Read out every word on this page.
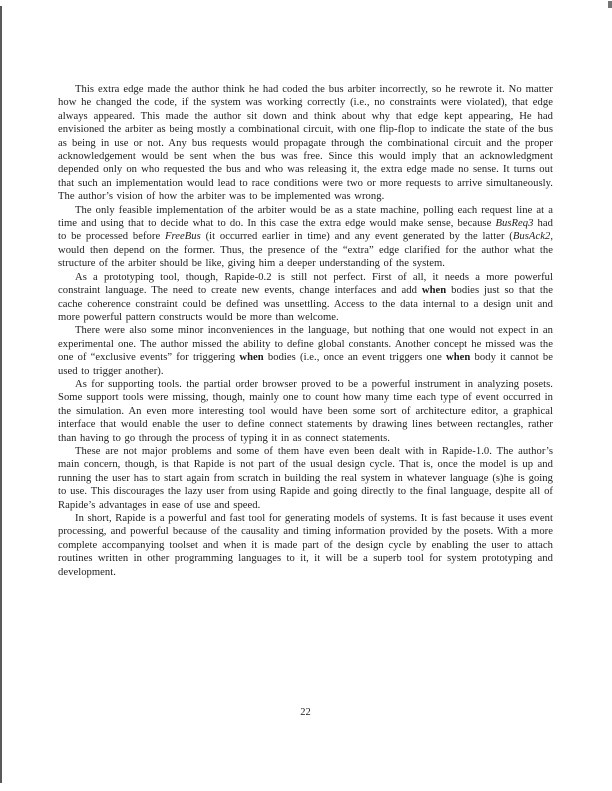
This extra edge made the author think he had coded the bus arbiter incorrectly, so he rewrote it. No matter how he changed the code, if the system was working correctly (i.e., no constraints were violated), that edge always appeared. This made the author sit down and think about why that edge kept appearing, He had envisioned the arbiter as being mostly a combinational circuit, with one flip-flop to indicate the state of the bus as being in use or not. Any bus requests would propagate through the combinational circuit and the proper acknowledgement would be sent when the bus was free. Since this would imply that an acknowledgment depended only on who requested the bus and who was releasing it, the extra edge made no sense. It turns out that such an implementation would lead to race conditions were two or more requests to arrive simultaneously. The author’s vision of how the arbiter was to be implemented was wrong.

The only feasible implementation of the arbiter would be as a state machine, polling each request line at a time and using that to decide what to do. In this case the extra edge would make sense, because BusReq3 had to be processed before FreeBus (it occurred earlier in time) and any event generated by the latter (BusAck2, would then depend on the former. Thus, the presence of the “extra” edge clarified for the author what the structure of the arbiter should be like, giving him a deeper understanding of the system.

As a prototyping tool, though, Rapide-0.2 is still not perfect. First of all, it needs a more powerful constraint language. The need to create new events, change interfaces and add when bodies just so that the cache coherence constraint could be defined was unsettling. Access to the data internal to a design unit and more powerful pattern constructs would be more than welcome.

There were also some minor inconveniences in the language, but nothing that one would not expect in an experimental one. The author missed the ability to define global constants. Another concept he missed was the one of “exclusive events” for triggering when bodies (i.e., once an event triggers one when body it cannot be used to trigger another).

As for supporting tools. the partial order browser proved to be a powerful instrument in analyzing posets. Some support tools were missing, though, mainly one to count how many time each type of event occurred in the simulation. An even more interesting tool would have been some sort of architecture editor, a graphical interface that would enable the user to define connect statements by drawing lines between rectangles, rather than having to go through the process of typing it in as connect statements.

These are not major problems and some of them have even been dealt with in Rapide-1.0. The author’s main concern, though, is that Rapide is not part of the usual design cycle. That is, once the model is up and running the user has to start again from scratch in building the real system in whatever language (s)he is going to use. This discourages the lazy user from using Rapide and going directly to the final language, despite all of Rapide’s advantages in ease of use and speed.

In short, Rapide is a powerful and fast tool for generating models of systems. It is fast because it uses event processing, and powerful because of the causality and timing information provided by the posets. With a more complete accompanying toolset and when it is made part of the design cycle by enabling the user to attach routines written in other programming languages to it, it will be a superb tool for system prototyping and development.

22
